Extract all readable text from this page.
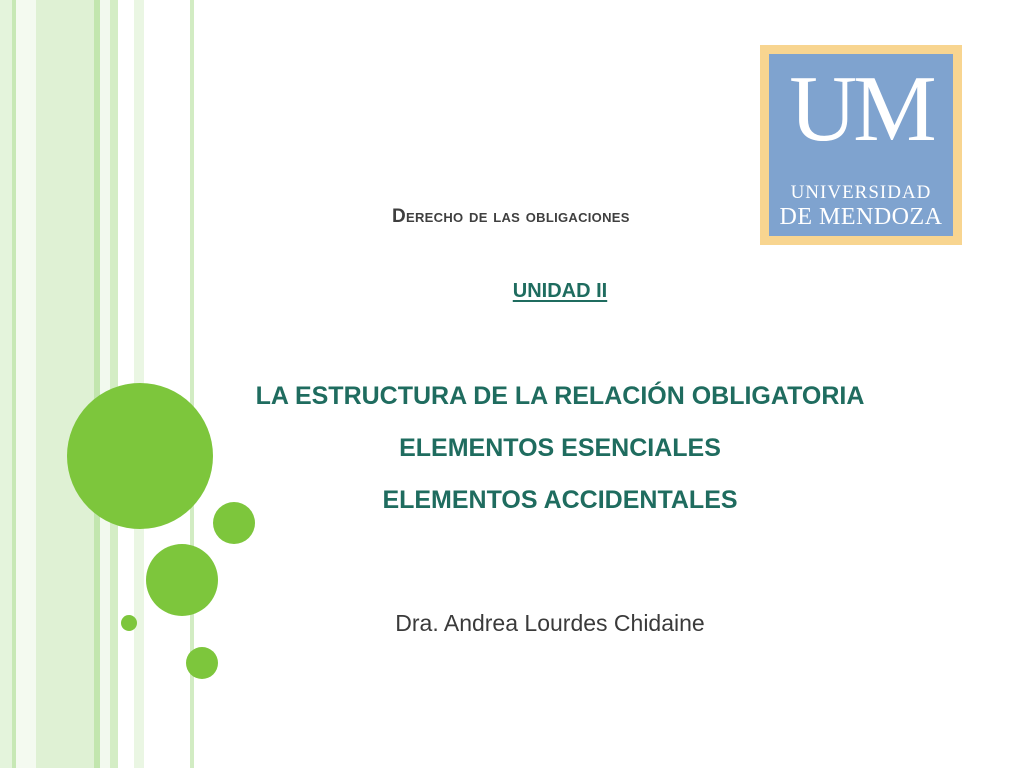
UM
UNIVERSIDAD
DE MENDOZA
Derecho de las obligaciones
UNIDAD II
LA ESTRUCTURA DE LA RELACIÓN OBLIGATORIA
ELEMENTOS ESENCIALES
ELEMENTOS ACCIDENTALES
Dra. Andrea Lourdes Chidaine
